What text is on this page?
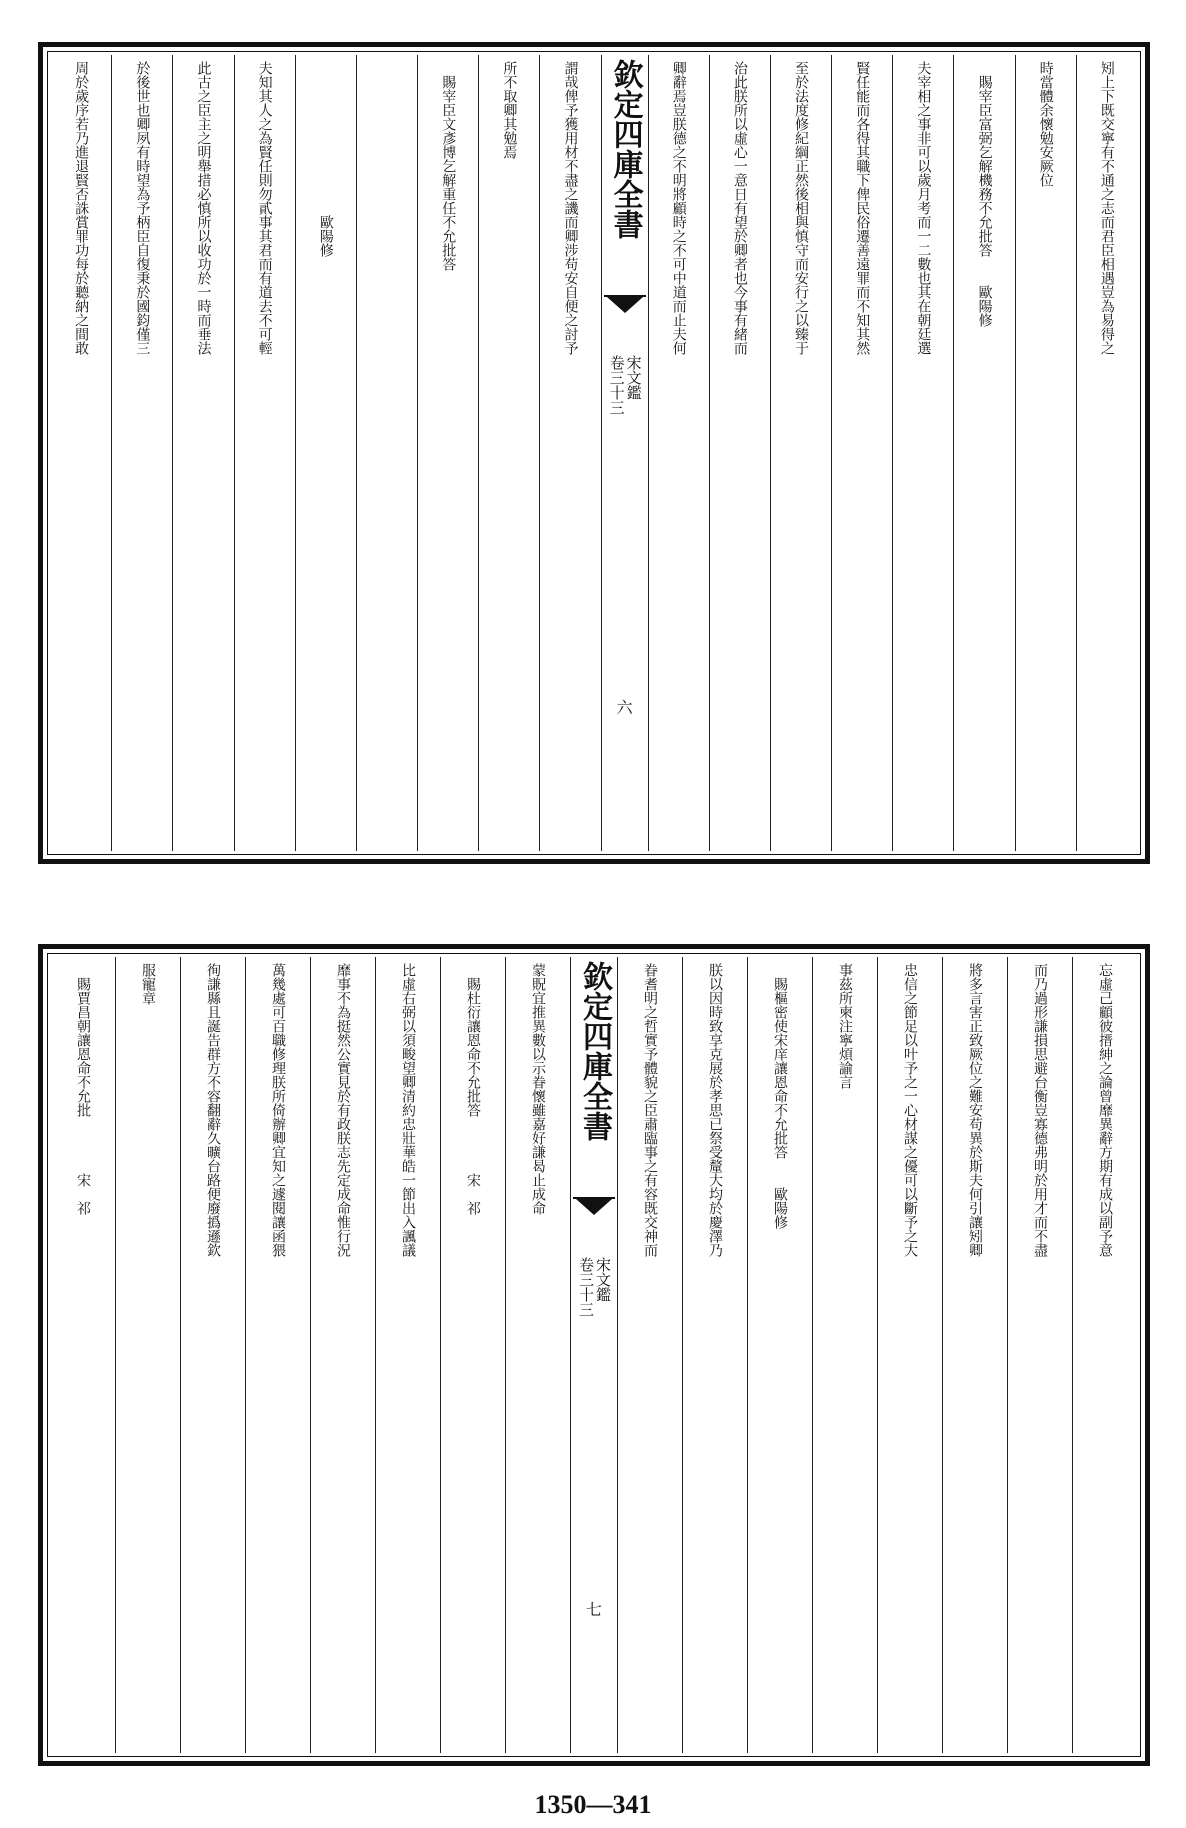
矧上下既交寧有不通之志而君臣相遇豈為易得之
時當體余懷勉安厥位
　賜宰臣富弼乞解機務不允批答　　歐陽修
夫宰相之事非可以歲月考而一二數也其在朝廷選
賢任能而各得其職下俾民俗遷善遠罪而不知其然
至於法度修紀綱正然後相與慎守而安行之以臻于
治此朕所以虛心一意日有望於卿者也今事有緒而
卿辭焉豈朕德之不明將顧時之不可中道而止夫何
欽定四庫全書
宋文鑑
卷三十三
六
謂哉俾予獲用材不盡之譏而卿涉苟安自便之討予
所不取卿其勉焉
　賜宰臣文彥博乞解重任不允批答
　　　　　　　　　　　歐陽修
夫知其人之為賢任則勿貳事其君而有道去不可輕
此古之臣主之明舉措必慎所以收功於一時而垂法
於後世也卿夙有時望為予柄臣自復秉於國鈞僅三
周於歲序若乃進退賢否誅賞罪功每於聽納之間敢
忘虛己顧彼搢紳之論曾靡異辭方期有成以副予意
而乃過形謙損思避台衡豈寡德弗明於用才而不盡
將多言害正致厥位之難安苟異於斯夫何引讓矧卿
忠信之節足以叶予之一心材謀之優可以斷予之大
事茲所柬注寧煩諭言
　賜樞密使宋庠讓恩命不允批答　　歐陽修
朕以因時致享克展於孝思已祭受釐大均於慶澤乃
眷耆明之哲實予體貌之臣肅臨事之有容既交神而
欽定四庫全書
宋文鑑
卷三十三
七
蒙貺宜推異數以示眷懷雖嘉好謙曷止成命
　賜杜衍讓恩命不允批答　　　　宋　祁
比虛右弼以須畯望卿清約忠壯華皓一節出入諷議
靡事不為挺然公實見於有政朕志先定成命惟行況
萬幾處可百職修理朕所倚辦卿宜知之遽閱讓函猥
徇謙縣且誕告群方不容翻辭久曠台路便廢撝遜欽
服寵章
　賜賈昌朝讓恩命不允批　　　　宋　祁
1350—341
